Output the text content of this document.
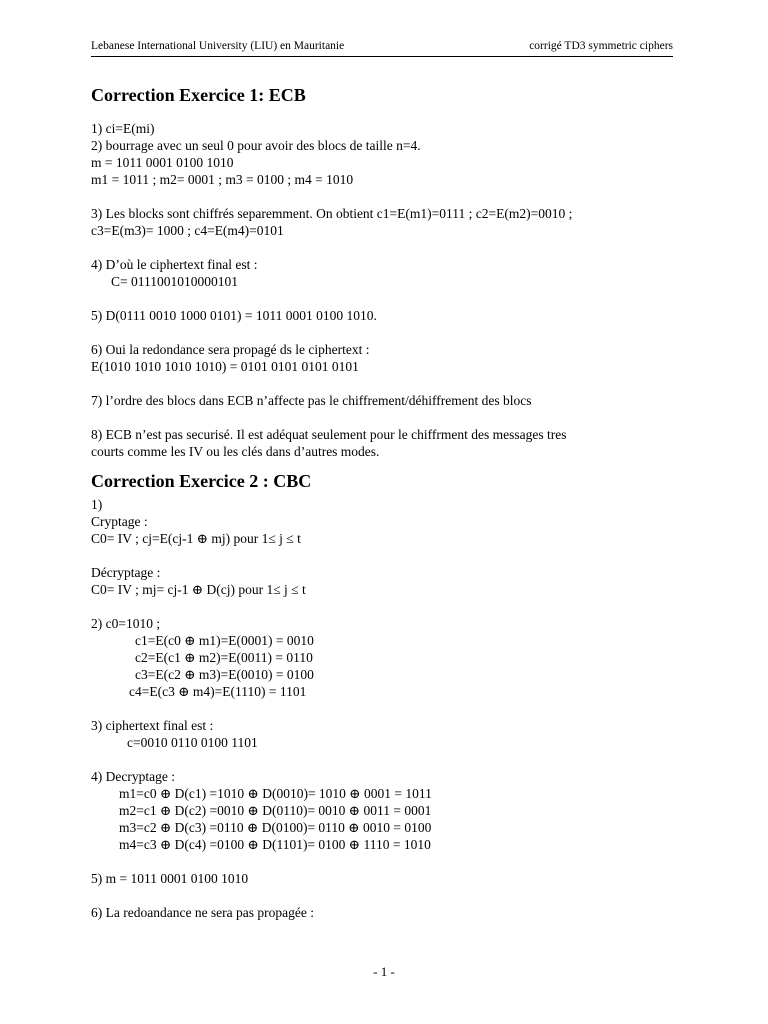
Lebanese International University (LIU) en Mauritanie	corrigé TD3 symmetric ciphers
Correction Exercice 1: ECB
1) ci=E(mi)
2) bourrage avec un seul 0 pour avoir des blocs de taille n=4.
m = 1011 0001 0100 1010
m1 = 1011 ; m2= 0001 ; m3 = 0100 ; m4 = 1010
3) Les blocks sont chiffrés separemment. On obtient c1=E(m1)=0111 ; c2=E(m2)=0010 ;
c3=E(m3)= 1000 ; c4=E(m4)=0101
4) D’où le ciphertext final est :
C= 0111001010000101
5) D(0111 0010 1000 0101) = 1011 0001 0100 1010.
6) Oui la redondance sera propagé ds le ciphertext :
E(1010 1010 1010 1010) = 0101 0101 0101 0101
7) l’ordre des blocs dans ECB n’affecte pas le chiffrement/déhiffrement des blocs
8) ECB n’est pas securisé. Il est adéquat seulement pour le chiffrment des messages tres
courts comme les IV ou les clés dans d’autres modes.
Correction Exercice 2 : CBC
1)
Cryptage :
C0= IV ; cj=E(cj-1 ⊕ mj) pour 1≤ j ≤ t
Décryptage :
C0= IV ; mj= cj-1 ⊕ D(cj) pour 1≤ j ≤ t
2) c0=1010 ;
c1=E(c0 ⊕ m1)=E(0001) = 0010
c2=E(c1 ⊕ m2)=E(0011) = 0110
c3=E(c2 ⊕ m3)=E(0010) = 0100
c4=E(c3 ⊕ m4)=E(1110) = 1101
3) ciphertext final est :
c=0010 0110 0100 1101
4) Decryptage :
m1=c0 ⊕ D(c1) =1010 ⊕ D(0010)= 1010 ⊕ 0001 = 1011
m2=c1 ⊕ D(c2) =0010 ⊕ D(0110)= 0010 ⊕ 0011 = 0001
m3=c2 ⊕ D(c3) =0110 ⊕ D(0100)= 0110 ⊕ 0010 = 0100
m4=c3 ⊕ D(c4) =0100 ⊕ D(1101)= 0100 ⊕ 1110 = 1010
5) m = 1011 0001 0100 1010
6) La redoandance ne sera pas propagée :
- 1 -
